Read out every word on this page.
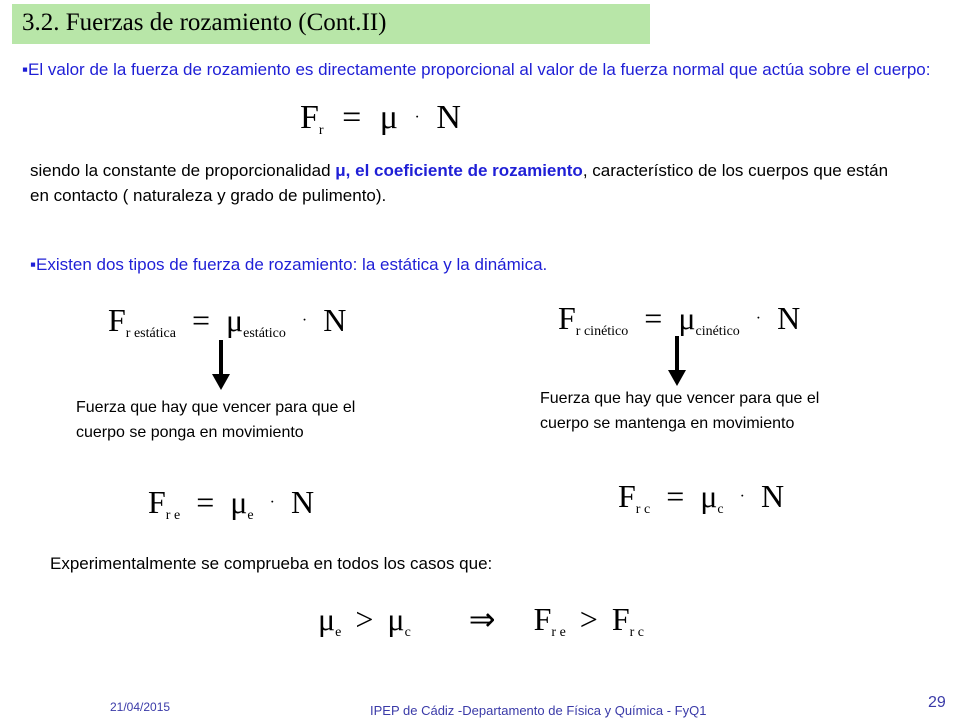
3.2. Fuerzas de rozamiento (Cont.II)
▪El valor de la fuerza de rozamiento es directamente proporcional al valor de la fuerza normal que actúa sobre el cuerpo:
$F_r = \mu \cdot N$
siendo la constante de proporcionalidad μ, el coeficiente de rozamiento, característico de los cuerpos que están en contacto ( naturaleza y grado de pulimento).
▪Existen dos tipos de fuerza de rozamiento: la estática y la dinámica.
Fr estática = μestático · N	Fr cinético = μcinético · N
Fuerza que hay que vencer para que el cuerpo se ponga en movimiento
Fuerza que hay que vencer para que el cuerpo se mantenga en movimiento
Fr e = μe · N	Fr c = μc · N
Experimentalmente se comprueba en todos los casos que:
μe > μc ⇒ Fr e > Fr c
21/04/2015	IPEP de Cádiz -Departamento de Física y Química - FyQ1	29
